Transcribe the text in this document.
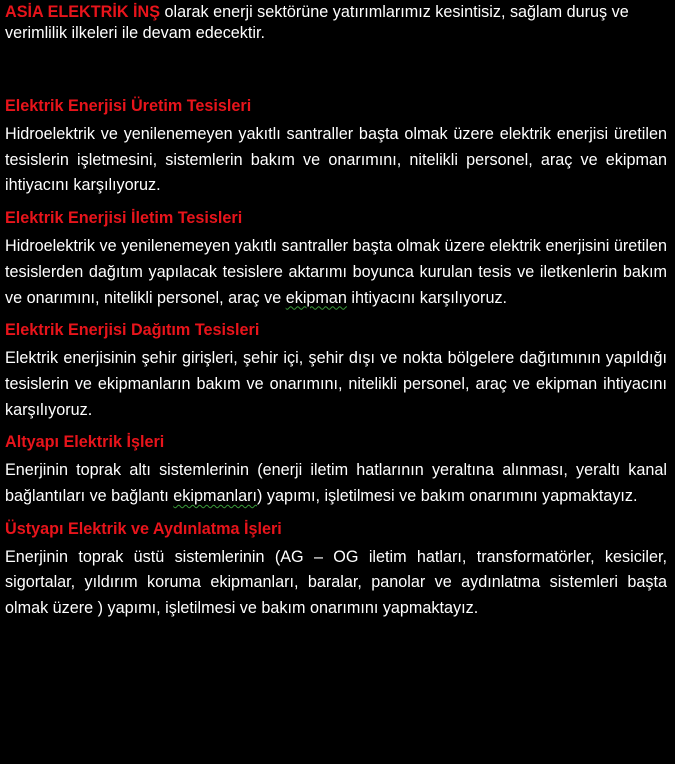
ASİA ELEKTRİK İNŞ olarak enerji sektörüne yatırımlarımız kesintisiz, sağlam duruş ve verimlilik ilkeleri ile devam edecektir.

Elektrik Enerjisi Üretim Tesisleri

Hidroelektrik ve yenilenemeyen yakıtlı santraller başta olmak üzere elektrik enerjisi üretilen tesislerin işletmesini, sistemlerin bakım ve onarımını, nitelikli personel, araç ve ekipman ihtiyacını karşılıyoruz.

Elektrik Enerjisi İletim Tesisleri

Hidroelektrik ve yenilenemeyen yakıtlı santraller başta olmak üzere elektrik enerjisini üretilen tesislerden dağıtım yapılacak tesislere aktarımı boyunca kurulan tesis ve iletkenlerin bakım ve onarımını, nitelikli personel, araç ve ekipman ihtiyacını karşılıyoruz.

Elektrik Enerjisi Dağıtım Tesisleri

Elektrik enerjisinin şehir girişleri, şehir içi, şehir dışı ve nokta bölgelere dağıtımının yapıldığı tesislerin ve ekipmanların bakım ve onarımını, nitelikli personel, araç ve ekipman ihtiyacını karşılıyoruz.

Altyapı Elektrik İşleri

Enerjinin toprak altı sistemlerinin (enerji iletim hatlarının yeraltına alınması, yeraltı kanal bağlantıları ve bağlantı ekipmanları) yapımı, işletilmesi ve bakım onarımını yapmaktayız.

Üstyapı Elektrik ve Aydınlatma İşleri

Enerjinin toprak üstü sistemlerinin (AG – OG iletim hatları, transformatörler, kesiciler, sigortalar, yıldırım koruma ekipmanları, baralar, panolar ve aydınlatma sistemleri başta olmak üzere ) yapımı, işletilmesi ve bakım onarımını yapmaktayız.
